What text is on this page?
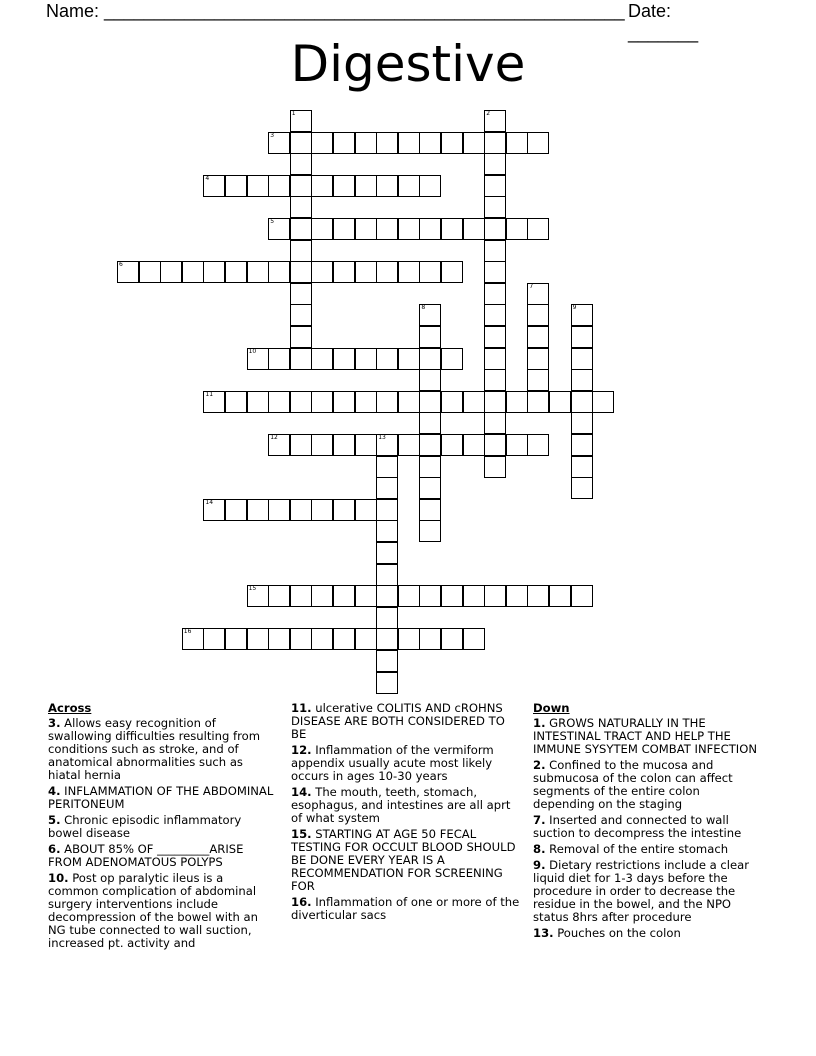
Name: ____________________________________________________ Date: _______
Digestive
1	2
3
4
5
6
7
8	9
10
11
12	13
14
15
16
Across
3. Allows easy recognition of swallowing difficulties resulting from conditions such as stroke, and of anatomical abnormalities such as hiatal hernia
4. INFLAMMATION OF THE ABDOMINAL PERITONEUM
5. Chronic episodic inflammatory bowel disease
6. ABOUT 85% OF _________ARISE FROM ADENOMATOUS POLYPS
10. Post op paralytic ileus is a common complication of abdominal surgery interventions include decompression of the bowel with an NG tube connected to wall suction, increased pt. activity and
11. ulcerative COLITIS AND cROHNS DISEASE ARE BOTH CONSIDERED TO BE
12. Inflammation of the vermiform appendix usually acute most likely occurs in ages 10-30 years
14. The mouth, teeth, stomach, esophagus, and intestines are all aprt of what system
15. STARTING AT AGE 50 FECAL TESTING FOR OCCULT BLOOD SHOULD BE DONE EVERY YEAR IS A RECOMMENDATION FOR SCREENING FOR
16. Inflammation of one or more of the diverticular sacs
Down
1. GROWS NATURALLY IN THE INTESTINAL TRACT AND HELP THE IMMUNE SYSYTEM COMBAT INFECTION
2. Confined to the mucosa and submucosa of the colon can affect segments of the entire colon depending on the staging
7. Inserted and connected to wall suction to decompress the intestine
8. Removal of the entire stomach
9. Dietary restrictions include a clear liquid diet for 1-3 days before the procedure in order to decrease the residue in the bowel, and the NPO status 8hrs after procedure
13. Pouches on the colon
